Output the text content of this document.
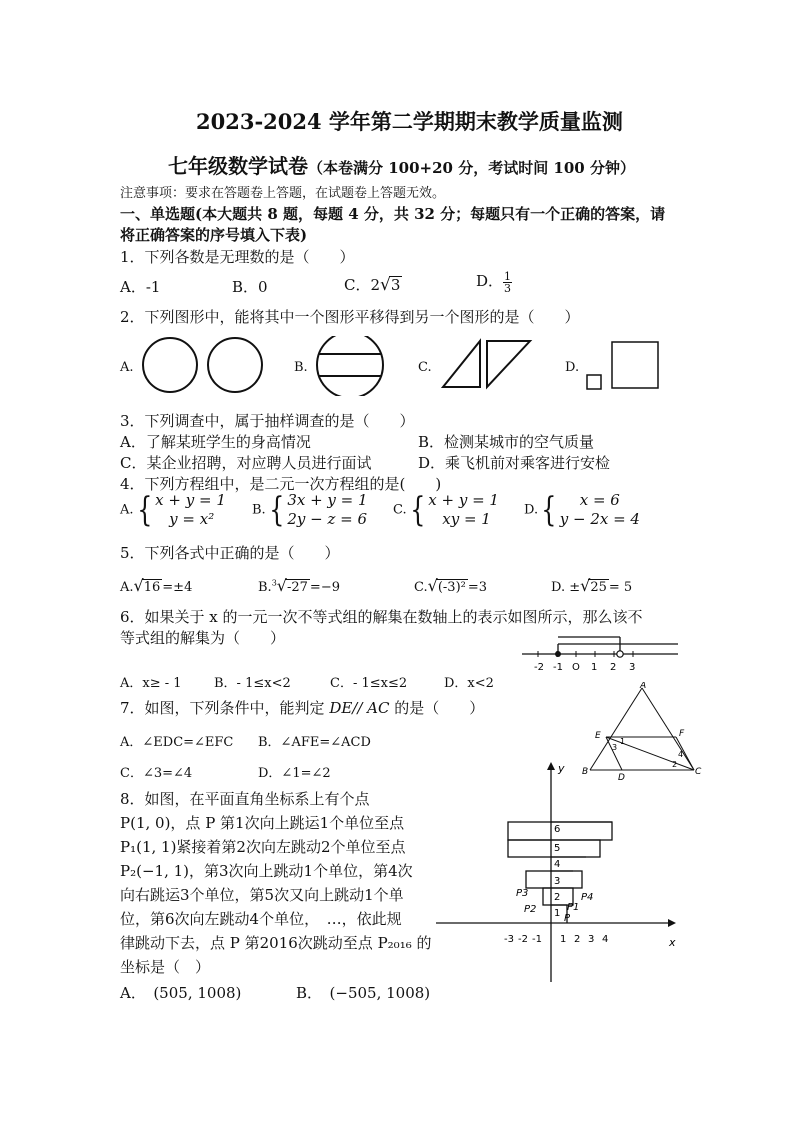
2023-2024 学年第二学期期末教学质量监测
七年级数学试卷（本卷满分 100+20 分，考试时间 100 分钟）
注意事项：要求在答题卷上答题，在试题卷上答题无效。
一、单选题(本大题共 8 题，每题 4 分，共 32 分；每题只有一个正确的答案，请
将正确答案的序号填入下表)
1．下列各数是无理数的是（　　）
A．-1	B．0	C．2√3	D． $\frac{1}{3}$
2．下列图形中，能将其中一个图形平移得到另一个图形的是（　　）
A.	B.	C.	D.
3．下列调查中，属于抽样调查的是（　　）
A．了解某班学生的身高情况	B．检测某城市的空气质量
C．某企业招聘，对应聘人员进行面试	D．乘飞机前对乘客进行安检
4．下列方程组中，是二元一次方程组的是(　　)
A.{ x + y = 1
y = x²	B.{ 3x + y = 1
2y − z = 6 C.{ x + y = 1
xy = 1	D.{	x = 6
y − 2x = 4
5．下列各式中正确的是（　　）
A.√16 =±4	B.$^3$√-27 =−9	C.√(-3)² =3	D. ±√25 = 5
6．如果关于 x 的一元一次不等式组的解集在数轴上的表示如图所示，那么该不
等式组的解集为（　　）
-2 -1 O 1 2 3
A．x≥ - 1 B．- 1≤x<2	C．- 1≤x≤2	D．x<2
7．如图，下列条件中，能判定 DE// AC 的是（　　）
A．∠EDC=∠EFC B．∠AFE=∠ACD
C．∠3=∠4	D．∠1=∠2
A
E	F
B
D
C
1
2
3
4
8．如图，在平面直角坐标系上有个点
P(1, 0)，点 P 第1次向上跳运1个单位至点
P₁(1, 1)紧接着第2次向左跳动2个单位至点
P₂(−1, 1)，第3次向上跳动1个单位，第4次
向右跳运3个单位，第5次又向上跳动1个单
位，第6次向左跳动4个单位，　…，依此规
律跳动下去，点 P 第2016次跳动至点 P₂₀₁₆ 的
坐标是（　）
A．　(505, 1008)	B．　(−505, 1008)
y
x
6
5
4
3
2
1
-3 -2 -1 1 2 3 4
P3	P4
P2	P1
P
